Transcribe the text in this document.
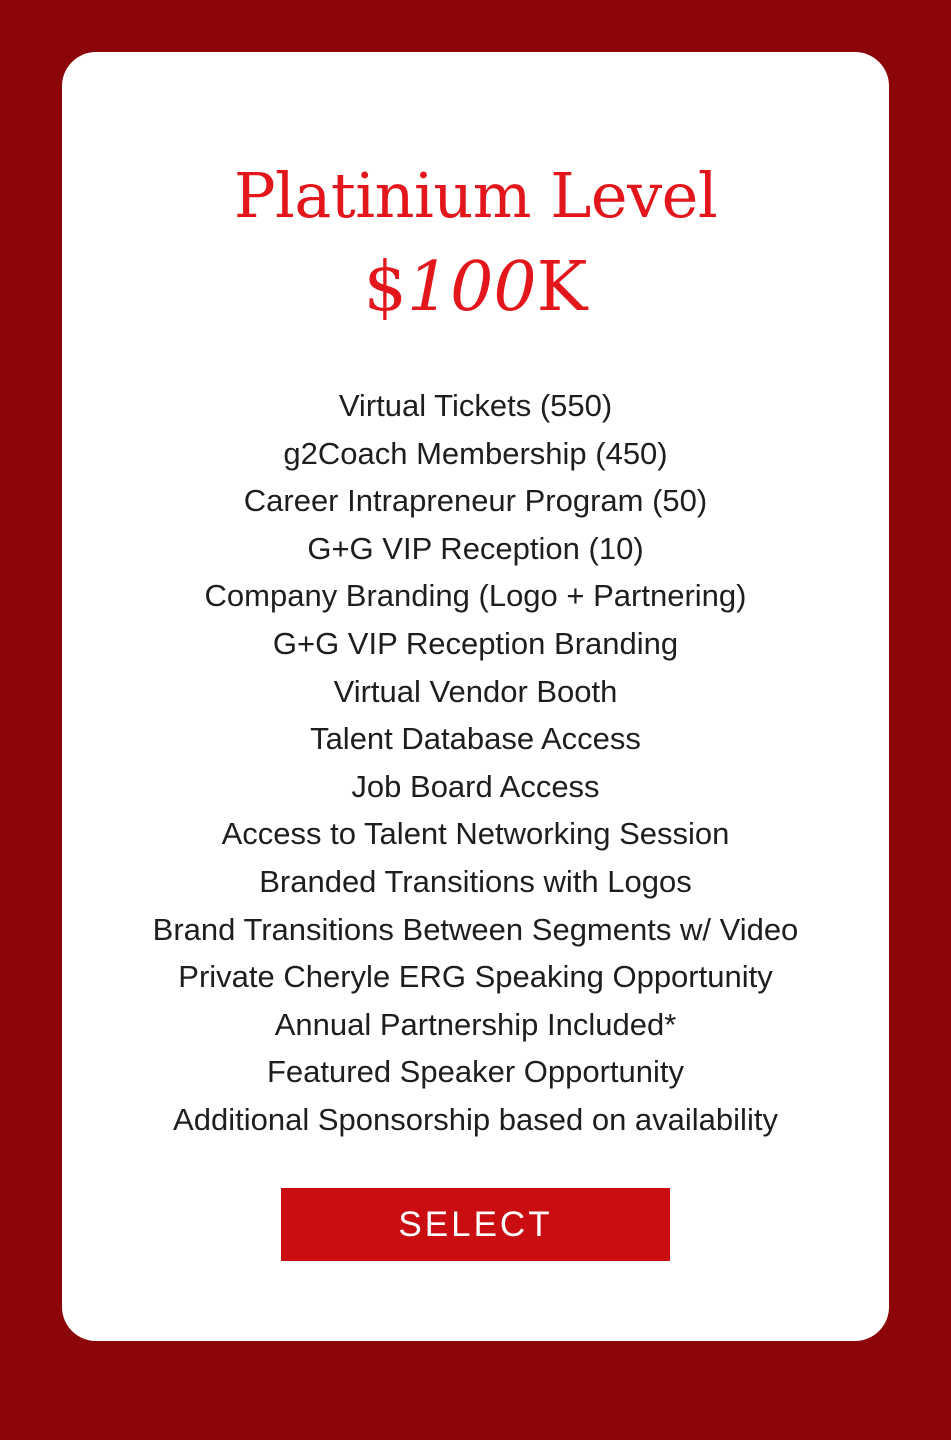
Platinium Level
$100K
Virtual Tickets (550)
g2Coach Membership (450)
Career Intrapreneur Program (50)
G+G VIP Reception (10)
Company Branding (Logo + Partnering)
G+G VIP Reception Branding
Virtual Vendor Booth
Talent Database Access
Job Board Access
Access to Talent Networking Session
Branded Transitions with Logos
Brand Transitions Between Segments w/ Video
Private Cheryle ERG Speaking Opportunity
Annual Partnership Included*
Featured Speaker Opportunity
Additional Sponsorship based on availability
SELECT
